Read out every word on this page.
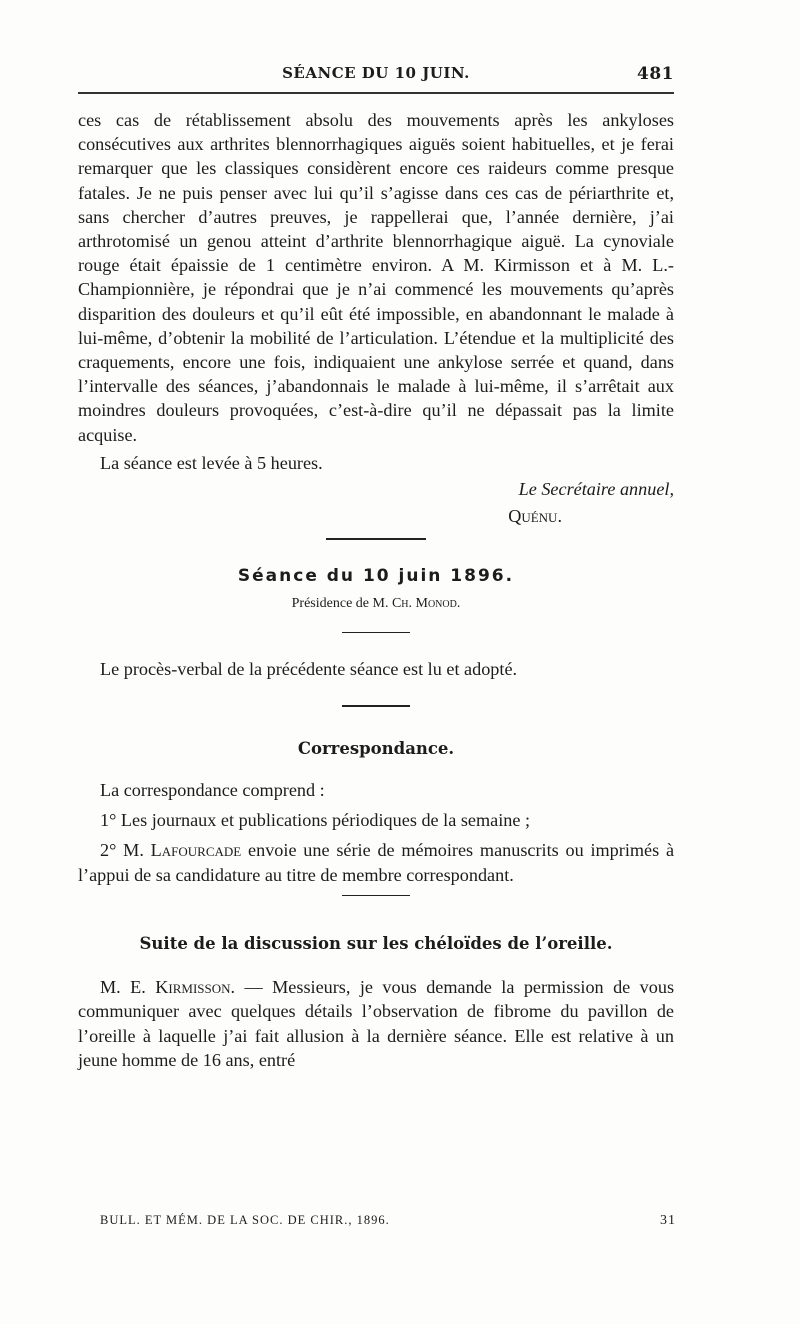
SÉANCE DU 10 JUIN.	481

ces cas de rétablissement absolu des mouvements après les ankyloses consécutives aux arthrites blennorrhagiques aiguës soient habituelles, et je ferai remarquer que les classiques considèrent encore ces raideurs comme presque fatales. Je ne puis penser avec lui qu’il s’agisse dans ces cas de périarthrite et, sans chercher d’autres preuves, je rappellerai que, l’année dernière, j’ai arthrotomisé un genou atteint d’arthrite blennorrhagique aiguë. La cynoviale rouge était épaissie de 1 centimètre environ. A M. Kirmisson et à M. L.-Championnière, je répondrai que je n’ai commencé les mouvements qu’après disparition des douleurs et qu’il eût été impossible, en abandonnant le malade à lui-même, d’obtenir la mobilité de l’articulation. L’étendue et la multiplicité des craquements, encore une fois, indiquaient une ankylose serrée et quand, dans l’intervalle des séances, j’abandonnais le malade à lui-même, il s’arrêtait aux moindres douleurs provoquées, c’est-à-dire qu’il ne dépassait pas la limite acquise.

La séance est levée à 5 heures.

Le Secrétaire annuel,
Quénu.
Séance du 10 juin 1896.
Présidence de M. Ch. Monod.

Le procès-verbal de la précédente séance est lu et adopté.

Correspondance.

La correspondance comprend :

1° Les journaux et publications périodiques de la semaine ;

2° M. Lafourcade envoie une série de mémoires manuscrits ou imprimés à l’appui de sa candidature au titre de membre correspondant.

Suite de la discussion sur les chéloïdes de l’oreille.

M. E. Kirmisson. — Messieurs, je vous demande la permission de vous communiquer avec quelques détails l’observation de fibrome du pavillon de l’oreille à laquelle j’ai fait allusion à la dernière séance. Elle est relative à un jeune homme de 16 ans, entré

BULL. ET MÉM. DE LA SOC. DE CHIR., 1896.	31
